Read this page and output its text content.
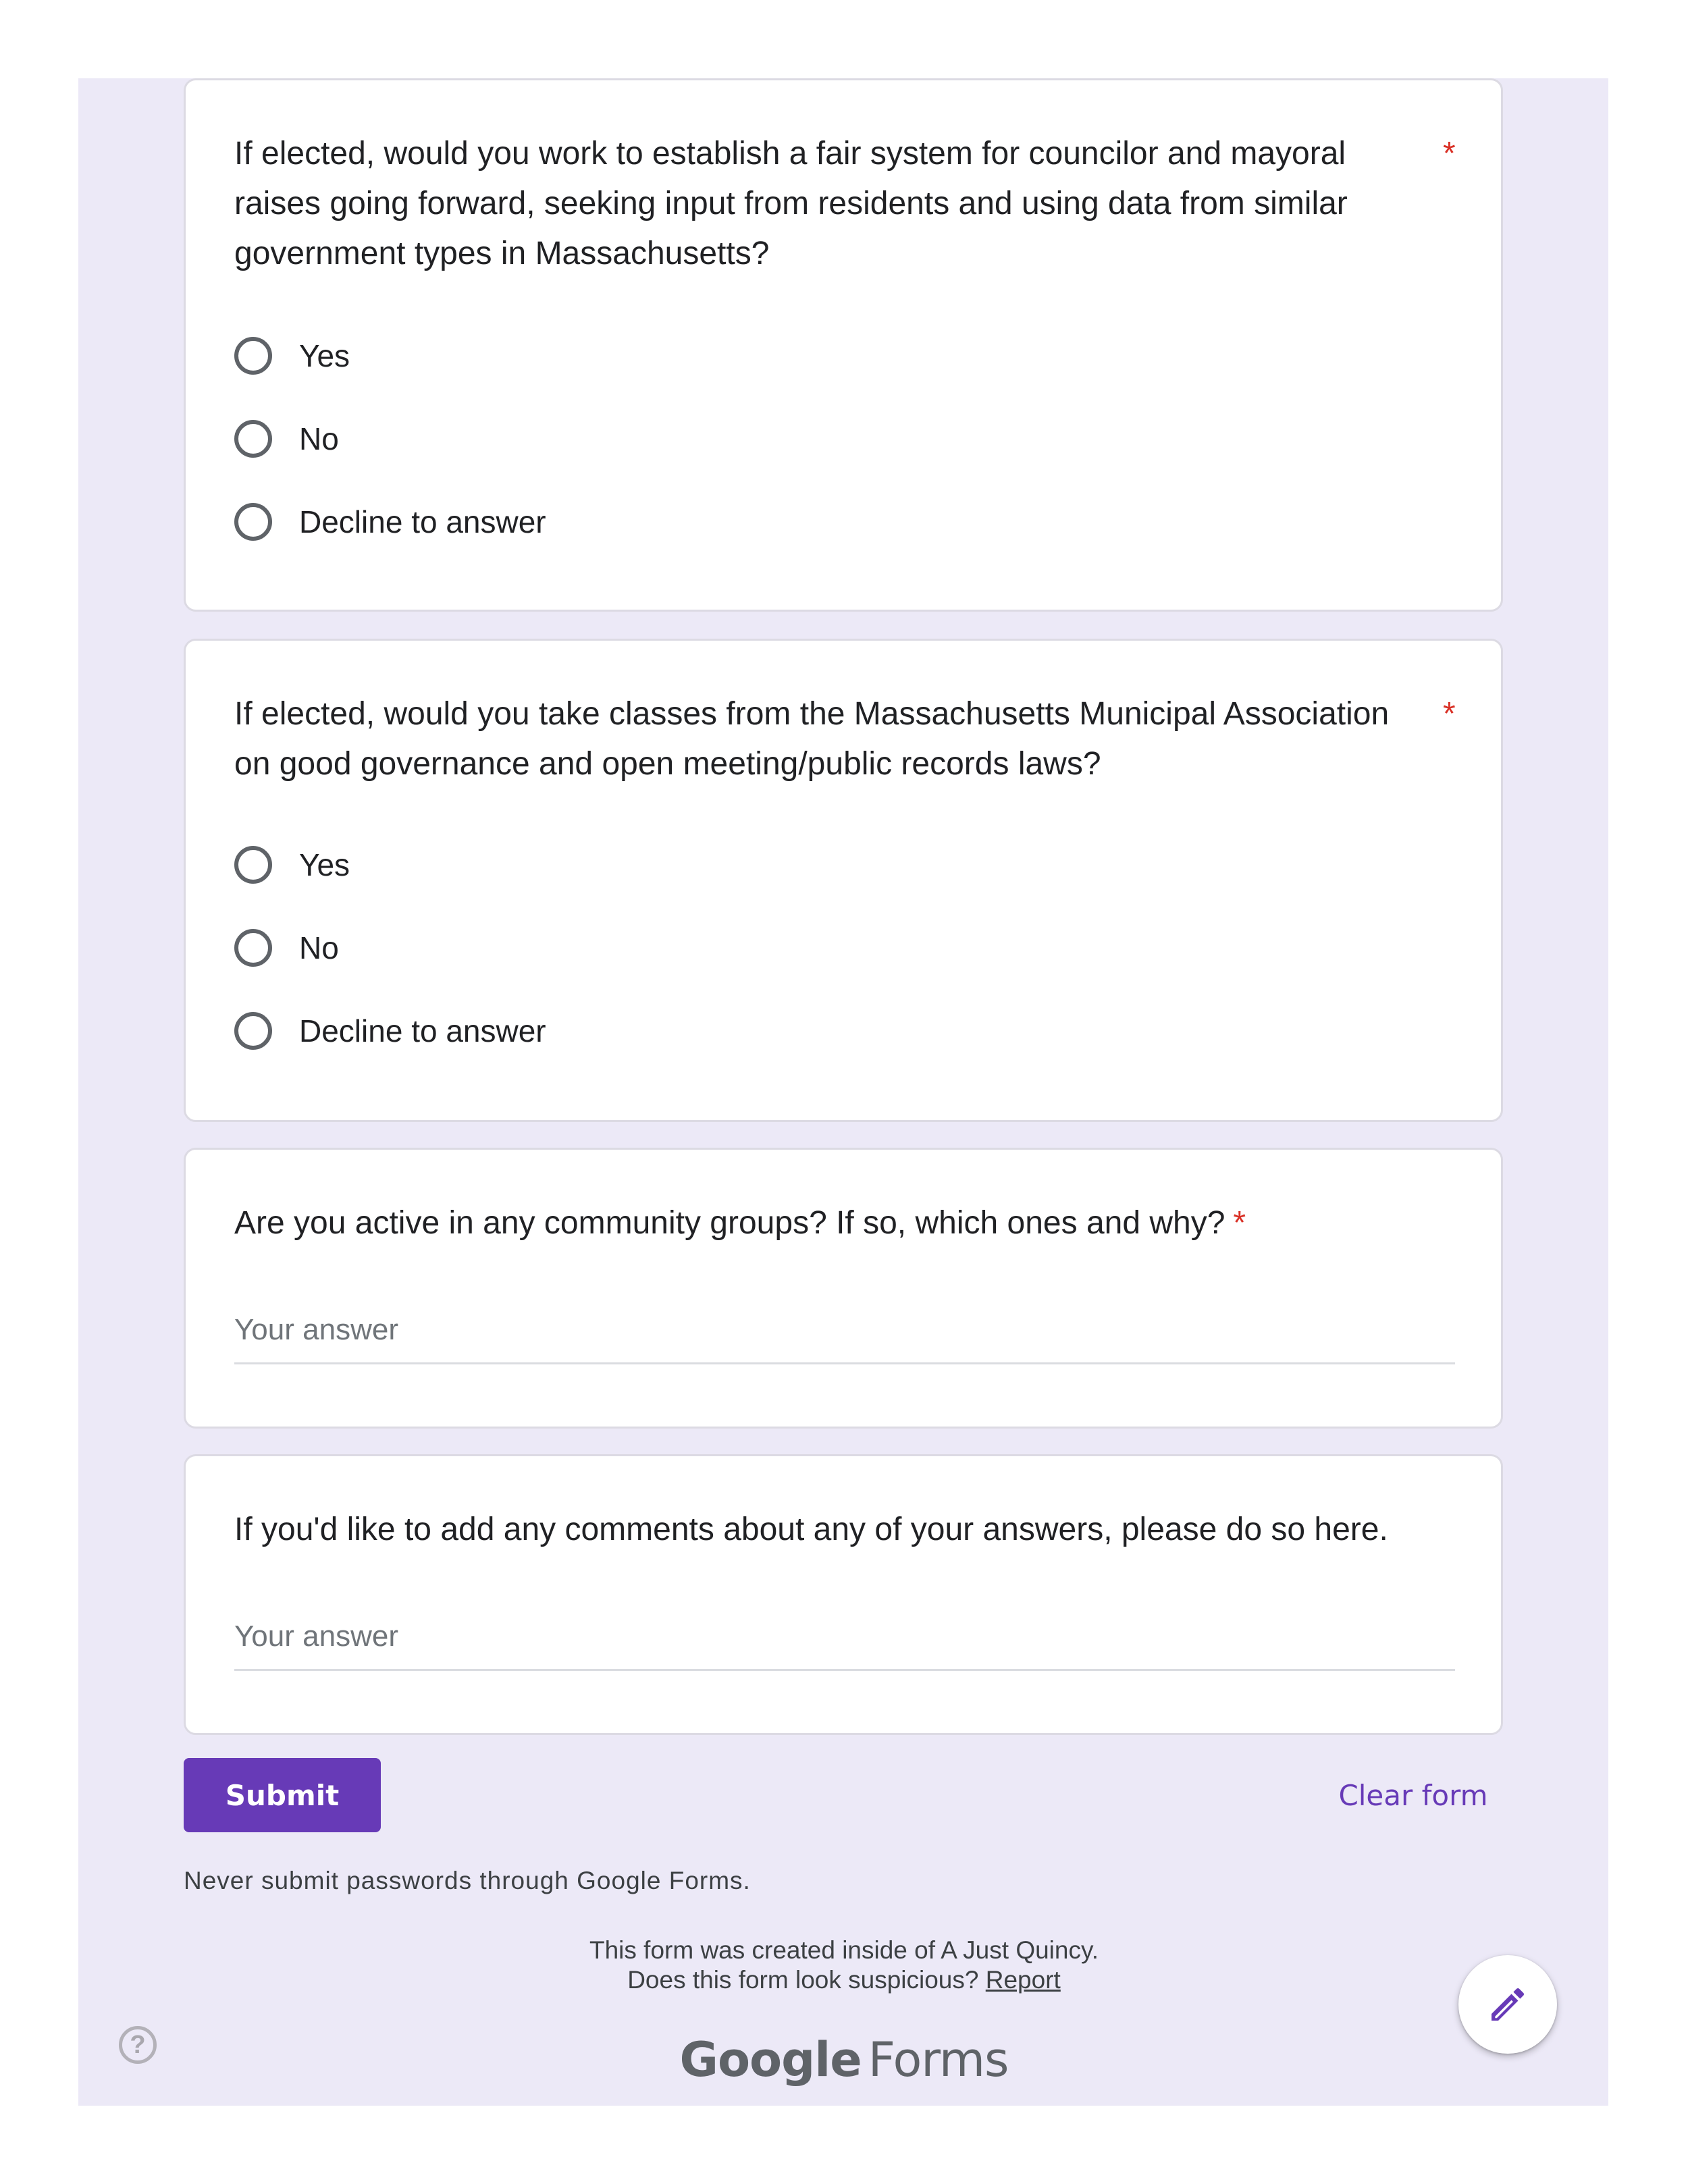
If elected, would you work to establish a fair system for councilor and mayoral raises going forward, seeking input from residents and using data from similar government types in Massachusetts?
*
Yes
No
Decline to answer
If elected, would you take classes from the Massachusetts Municipal Association on good governance and open meeting/public records laws?
*
Yes
No
Decline to answer
Are you active in any community groups? If so, which ones and why? *
Your answer
If you'd like to add any comments about any of your answers, please do so here.
Your answer
Submit	Clear form
Never submit passwords through Google Forms.
This form was created inside of A Just Quincy.
Does this form look suspicious? Report
?	Google Forms
